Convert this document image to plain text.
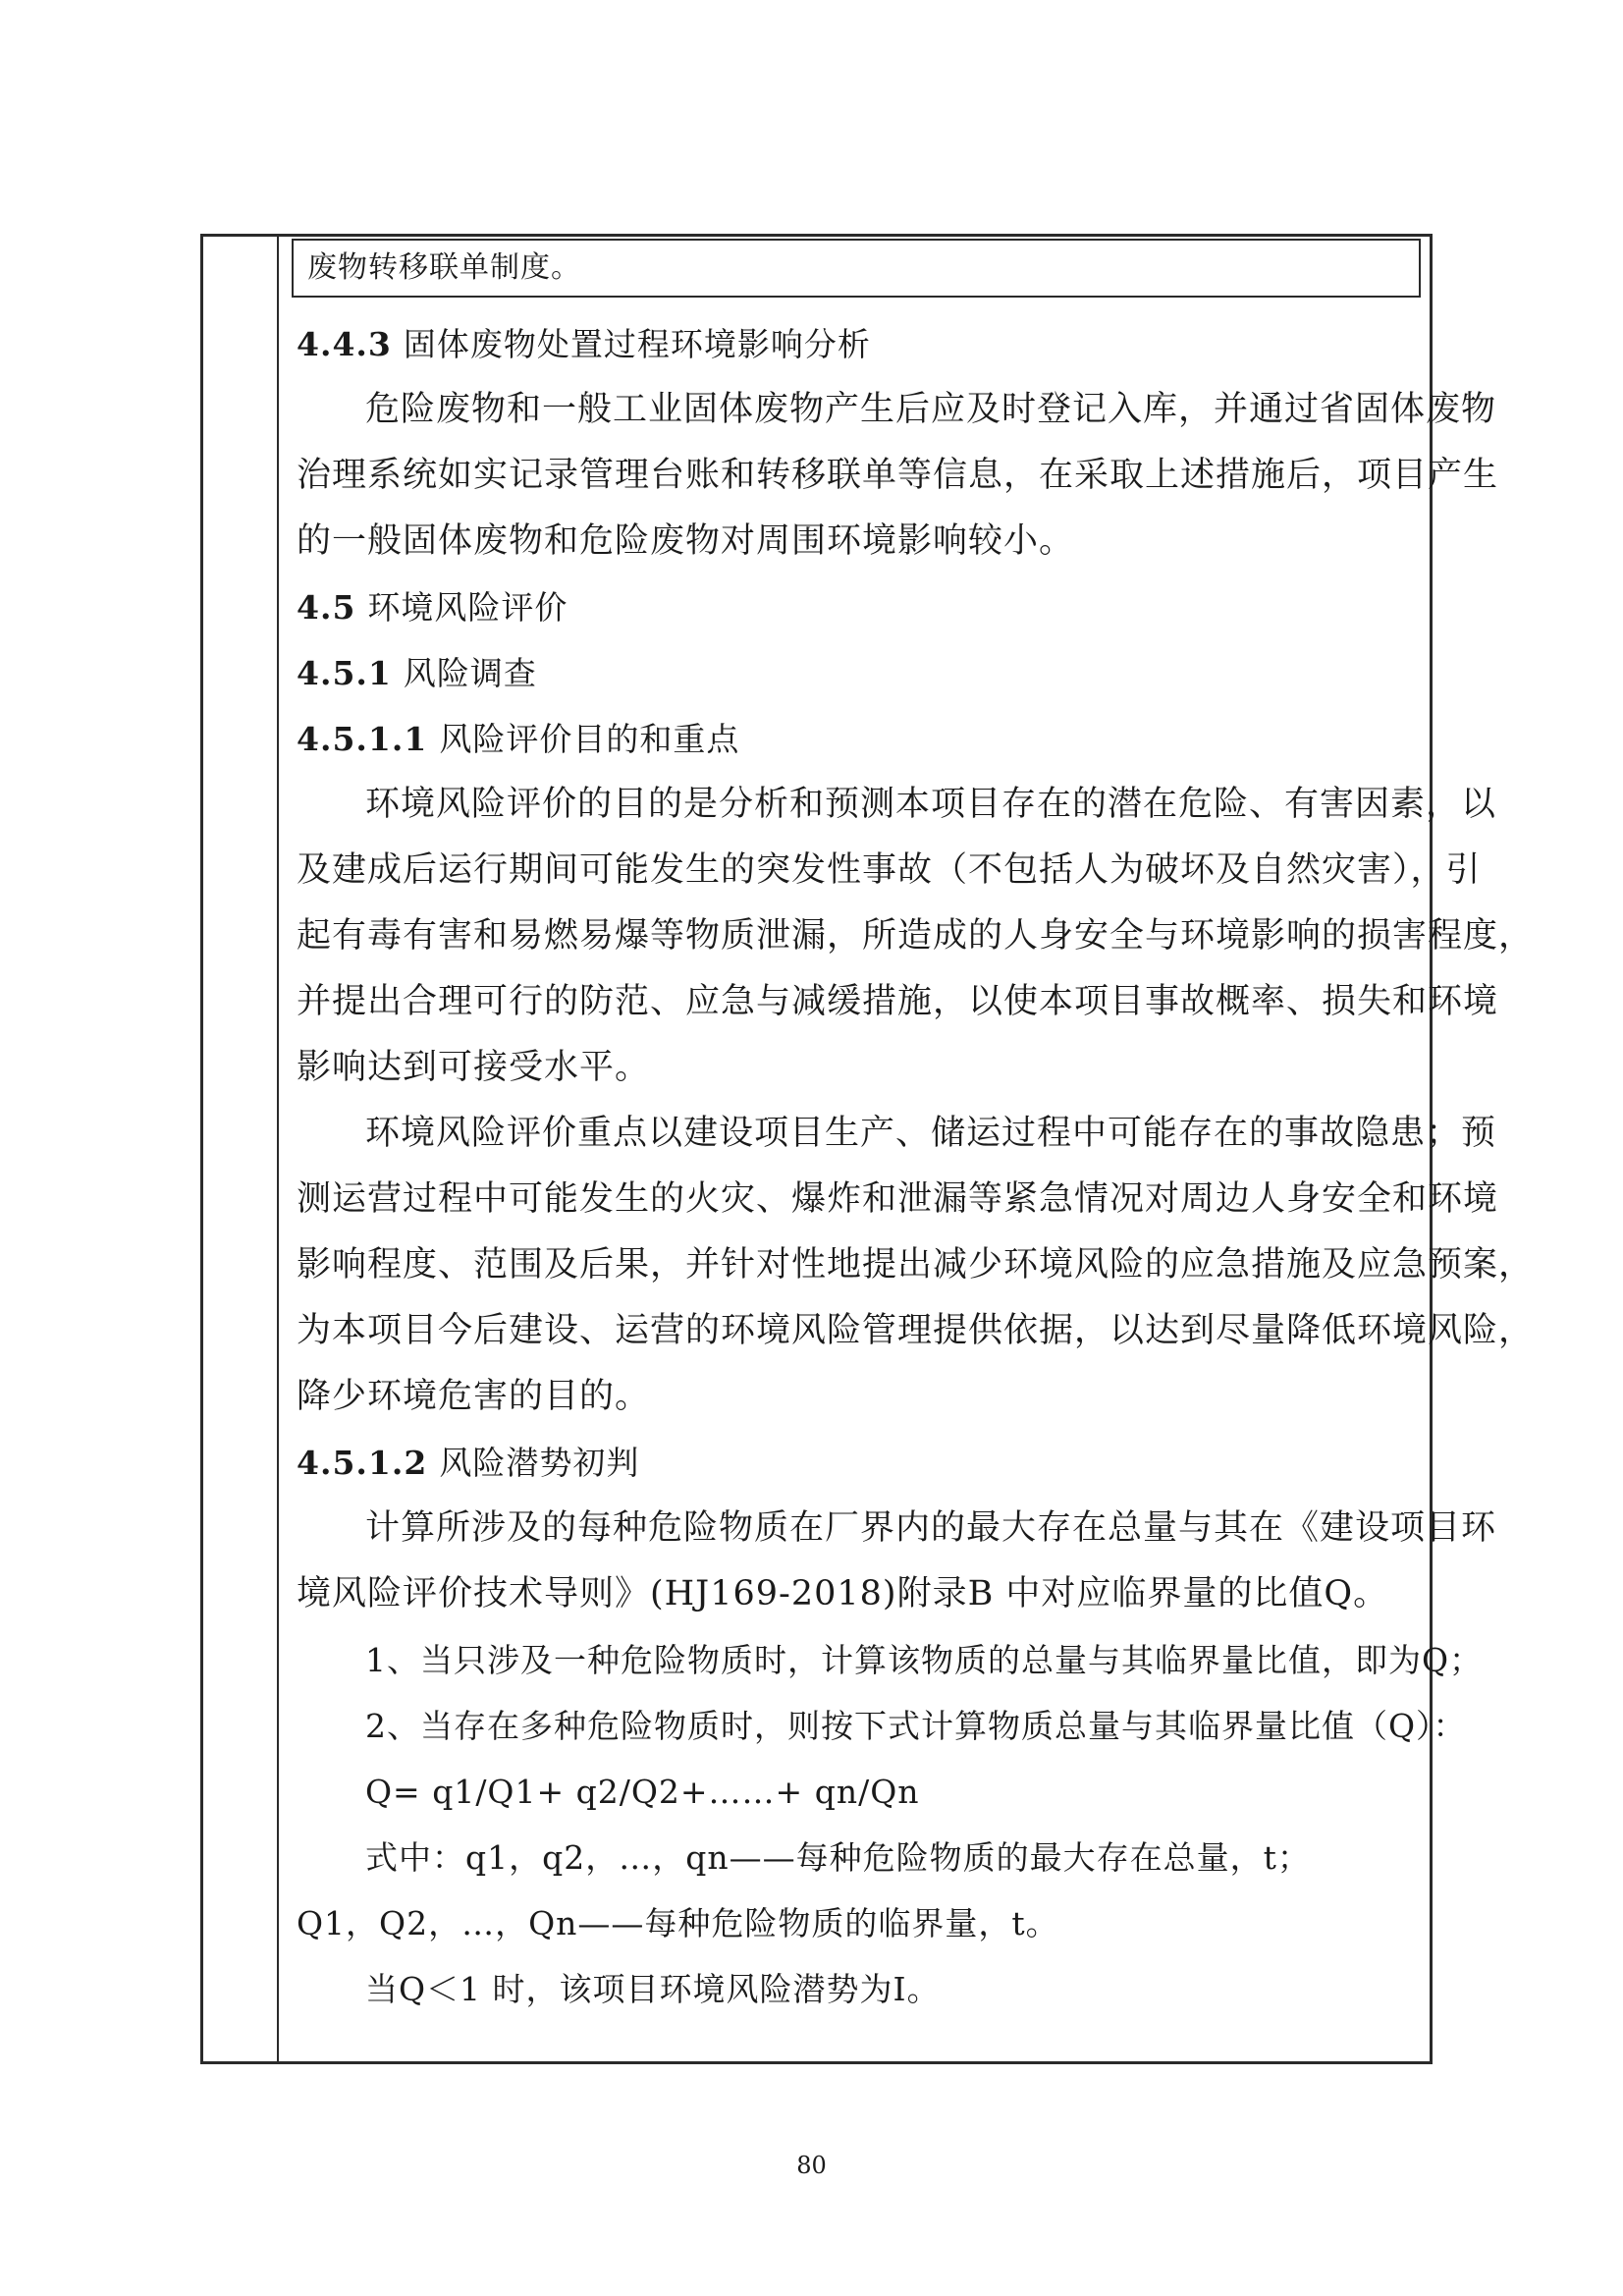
废物转移联单制度。
4.4.3 固体废物处置过程环境影响分析
危险废物和一般工业固体废物产生后应及时登记入库，并通过省固体废物
治理系统如实记录管理台账和转移联单等信息，在采取上述措施后，项目产生
的一般固体废物和危险废物对周围环境影响较小。
4.5 环境风险评价
4.5.1 风险调查
4.5.1.1 风险评价目的和重点
环境风险评价的目的是分析和预测本项目存在的潜在危险、有害因素，以
及建成后运行期间可能发生的突发性事故（不包括人为破坏及自然灾害），引
起有毒有害和易燃易爆等物质泄漏，所造成的人身安全与环境影响的损害程度，
并提出合理可行的防范、应急与减缓措施，以使本项目事故概率、损失和环境
影响达到可接受水平。
环境风险评价重点以建设项目生产、储运过程中可能存在的事故隐患；预
测运营过程中可能发生的火灾、爆炸和泄漏等紧急情况对周边人身安全和环境
影响程度、范围及后果，并针对性地提出减少环境风险的应急措施及应急预案，
为本项目今后建设、运营的环境风险管理提供依据，以达到尽量降低环境风险，
降少环境危害的目的。
4.5.1.2 风险潜势初判
计算所涉及的每种危险物质在厂界内的最大存在总量与其在《建设项目环
境风险评价技术导则》(HJ169-2018)附录B 中对应临界量的比值Q。
1、当只涉及一种危险物质时，计算该物质的总量与其临界量比值，即为Q；
2、当存在多种危险物质时，则按下式计算物质总量与其临界量比值（Q）：
Q= q1/Q1+ q2/Q2+……+ qn/Qn
式中：q1，q2，…，qn——每种危险物质的最大存在总量，t；
Q1，Q2，…，Qn——每种危险物质的临界量，t。
当Q＜1 时，该项目环境风险潜势为I。
80
